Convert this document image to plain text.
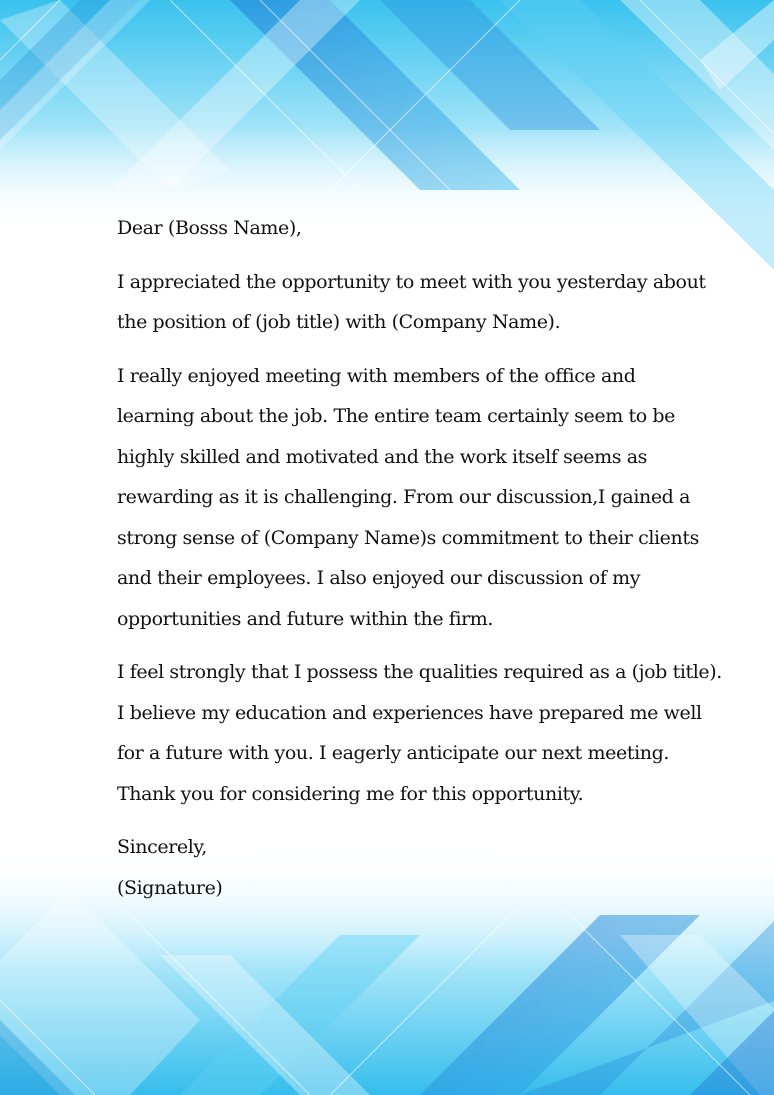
Dear (Bosss Name),

I appreciated the opportunity to meet with you yesterday about
the position of (job title) with (Company Name).

I really enjoyed meeting with members of the office and
learning about the job. The entire team certainly seem to be
highly skilled and motivated and the work itself seems as
rewarding as it is challenging. From our discussion,I gained a
strong sense of (Company Name)s commitment to their clients
and their employees. I also enjoyed our discussion of my
opportunities and future within the firm.

I feel strongly that I possess the qualities required as a (job title).
I believe my education and experiences have prepared me well
for a future with you. I eagerly anticipate our next meeting.
Thank you for considering me for this opportunity.

Sincerely,
(Signature)
